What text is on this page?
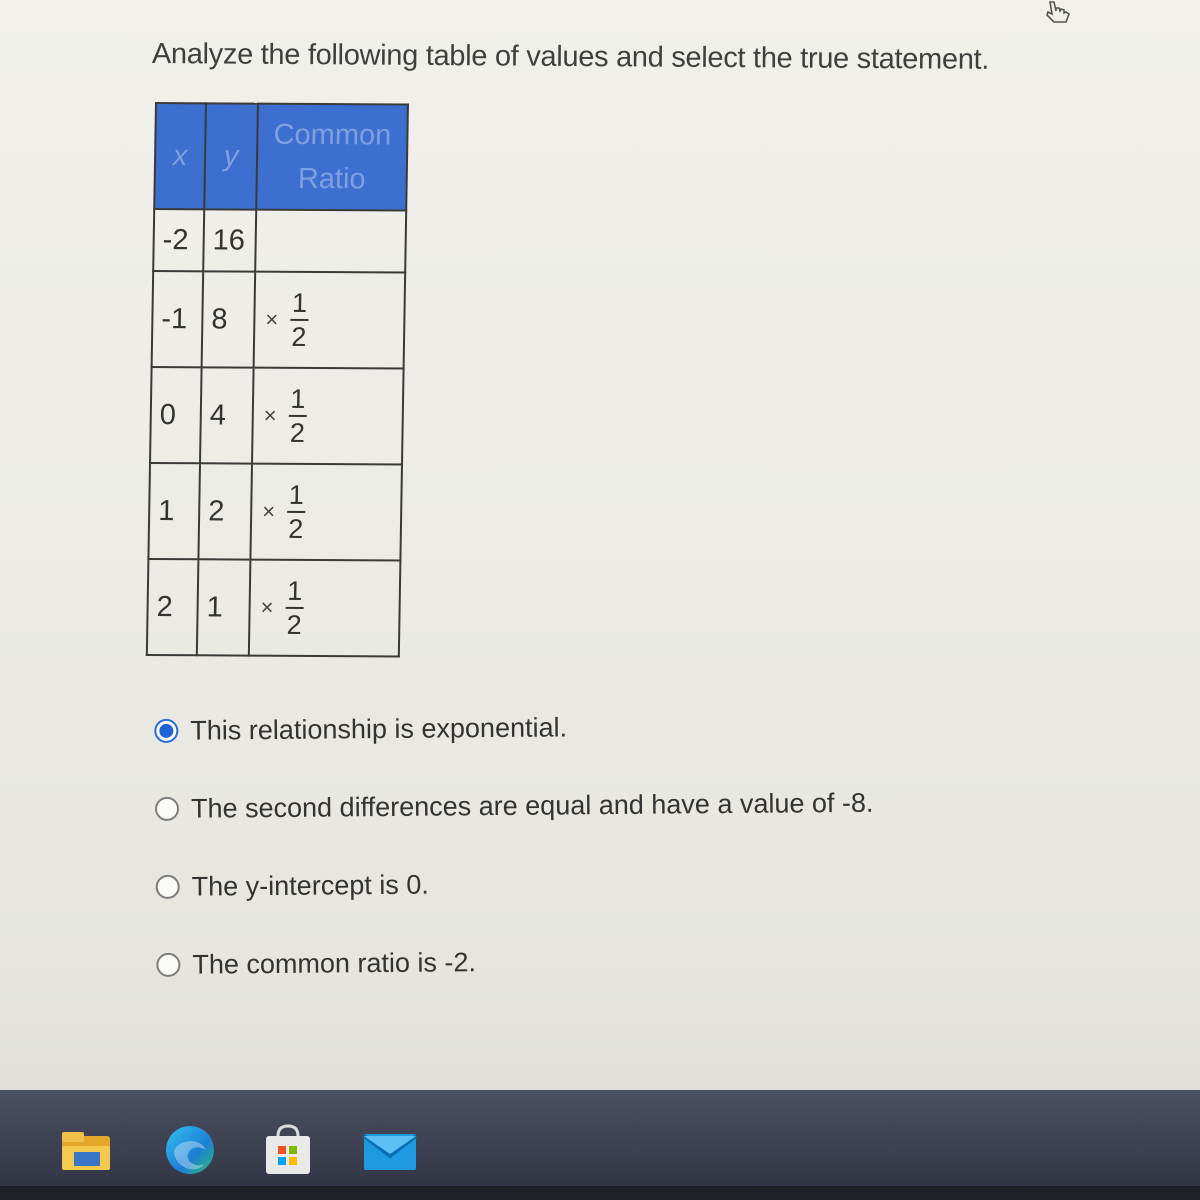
Analyze the following table of values and select the true statement.
x	y	Common
Ratio

-2	16	
-1	8	× $\frac{1}{2}$

0	4	× $\frac{1}{2}$

1	2	× $\frac{1}{2}$

2	1	× $\frac{1}{2}$
This relationship is exponential.
The second differences are equal and have a value of -8.
The y-intercept is 0.
The common ratio is -2.
